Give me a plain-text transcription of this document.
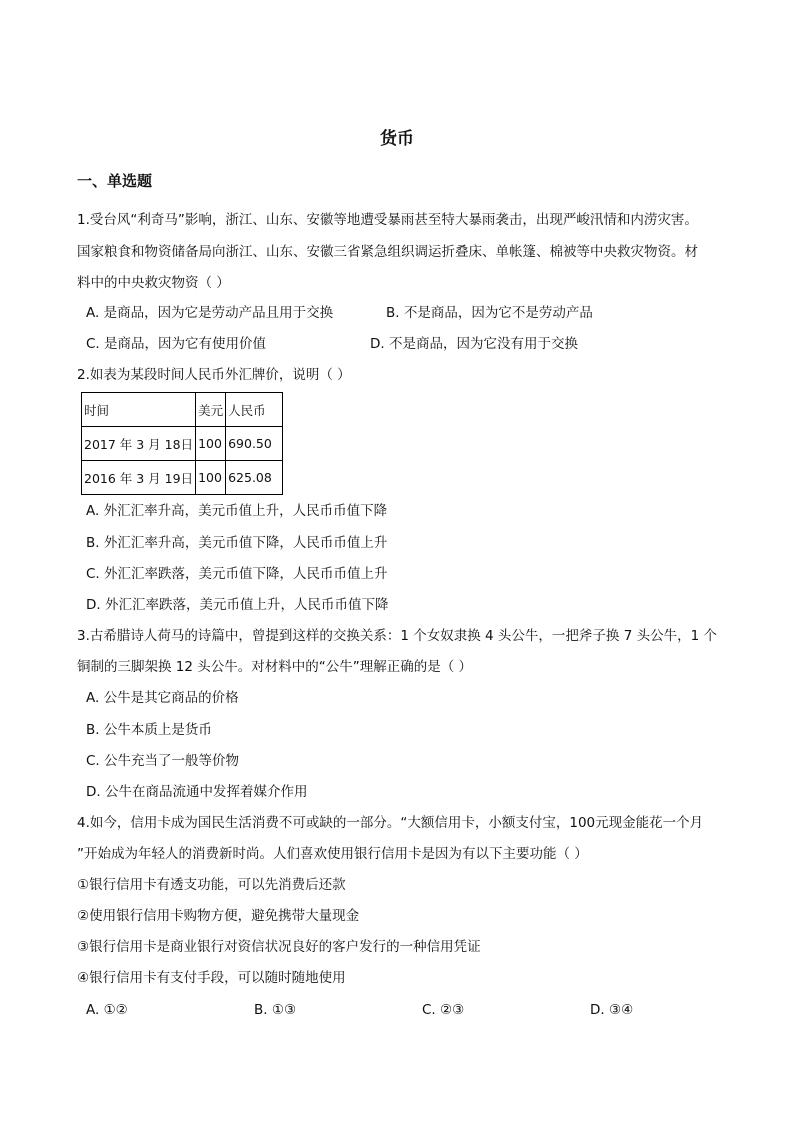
货币
一、单选题
1.受台风“利奇马”影响，浙江、山东、安徽等地遭受暴雨甚至特大暴雨袭击，出现严峻汛情和内涝灾害。
国家粮食和物资储备局向浙江、山东、安徽三省紧急组织调运折叠床、单帐篷、棉被等中央救灾物资。材
料中的中央救灾物资（ ）
A. 是商品，因为它是劳动产品且用于交换	B. 不是商品，因为它不是劳动产品
C. 是商品，因为它有使用价值	D. 不是商品，因为它没有用于交换
2.如表为某段时间人民币外汇牌价，说明（ ）
时间	美元	人民币
2017 年 3 月 18日	100	690.50
2016 年 3 月 19日	100	625.08
A. 外汇汇率升高，美元币值上升，人民币币值下降
B. 外汇汇率升高，美元币值下降，人民币币值上升
C. 外汇汇率跌落，美元币值下降，人民币币值上升
D. 外汇汇率跌落，美元币值上升，人民币币值下降
3.古希腊诗人荷马的诗篇中，曾提到这样的交换关系：1 个女奴隶换 4 头公牛，一把斧子换 7 头公牛，1 个
铜制的三脚架换 12 头公牛。对材料中的“公牛”理解正确的是（ ）
A. 公牛是其它商品的价格
B. 公牛本质上是货币
C. 公牛充当了一般等价物
D. 公牛在商品流通中发挥着媒介作用
4.如今，信用卡成为国民生活消费不可或缺的一部分。“大额信用卡，小额支付宝，100元现金能花一个月
”开始成为年轻人的消费新时尚。人们喜欢使用银行信用卡是因为有以下主要功能（ ）
①银行信用卡有透支功能，可以先消费后还款
②使用银行信用卡购物方便，避免携带大量现金
③银行信用卡是商业银行对资信状况良好的客户发行的一种信用凭证
④银行信用卡有支付手段，可以随时随地使用
A. ①②	B. ①③	C. ②③	D. ③④
